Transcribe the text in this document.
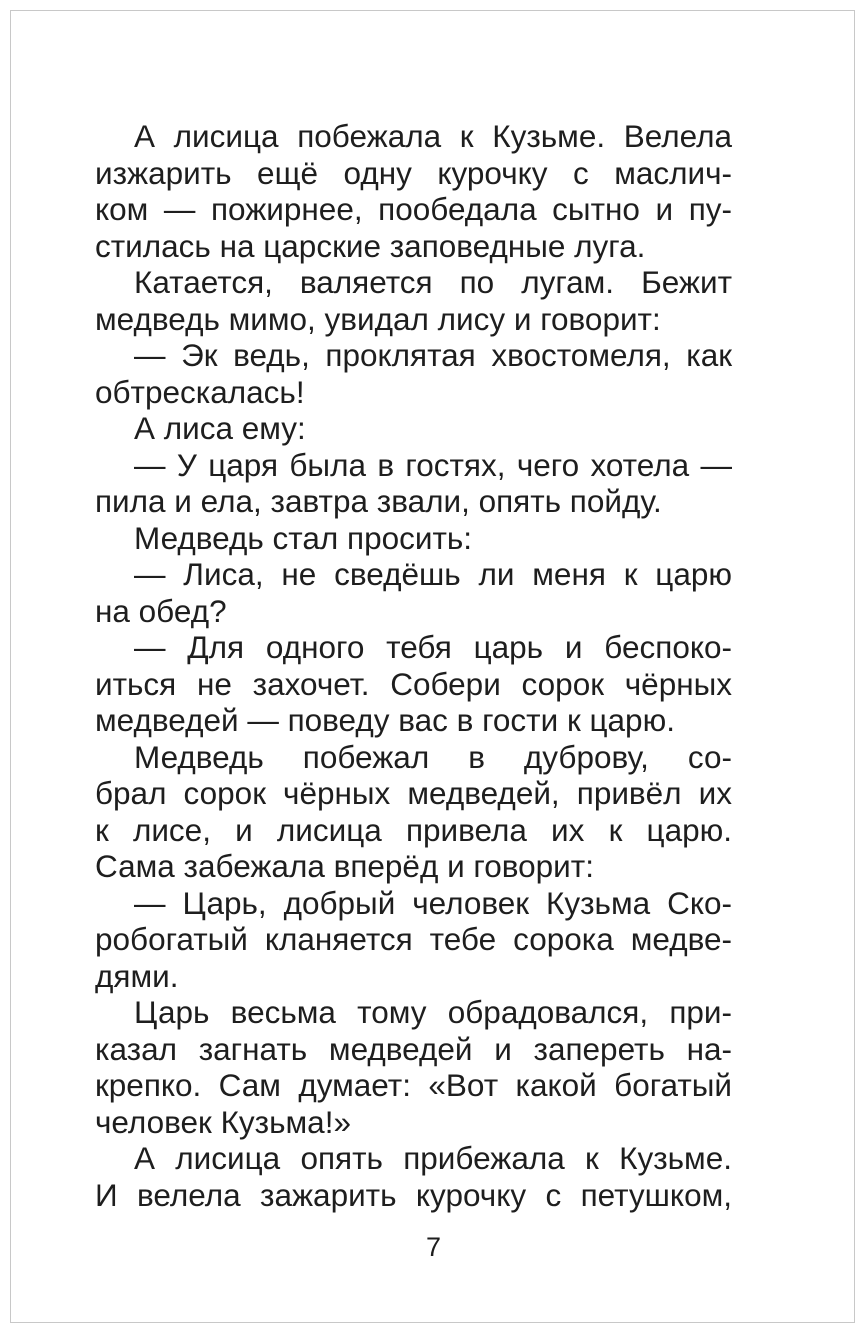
А лисица побежала к Кузьме. Велела
изжарить ещё одну курочку с маслич-
ком — пожирнее, пообедала сытно и пу-
стилась на царские заповедные луга.
Катается, валяется по лугам. Бежит
медведь мимо, увидал лису и говорит:
— Эк ведь, проклятая хвостомеля, как
обтрескалась!
А лиса ему:
— У царя была в гостях, чего хотела —
пила и ела, завтра звали, опять пойду.
Медведь стал просить:
— Лиса, не сведёшь ли меня к царю
на обед?
— Для одного тебя царь и беспоко-
иться не захочет. Собери сорок чёрных
медведей — поведу вас в гости к царю.
Медведь побежал в дуброву, со-
брал сорок чёрных медведей, привёл их
к лисе, и лисица привела их к царю.
Сама забежала вперёд и говорит:
— Царь, добрый человек Кузьма Ско-
робогатый кланяется тебе сорока медве-
дями.
Царь весьма тому обрадовался, при-
казал загнать медведей и запереть на-
крепко. Сам думает: «Вот какой богатый
человек Кузьма!»
А лисица опять прибежала к Кузьме.
И велела зажарить курочку с петушком,
7
